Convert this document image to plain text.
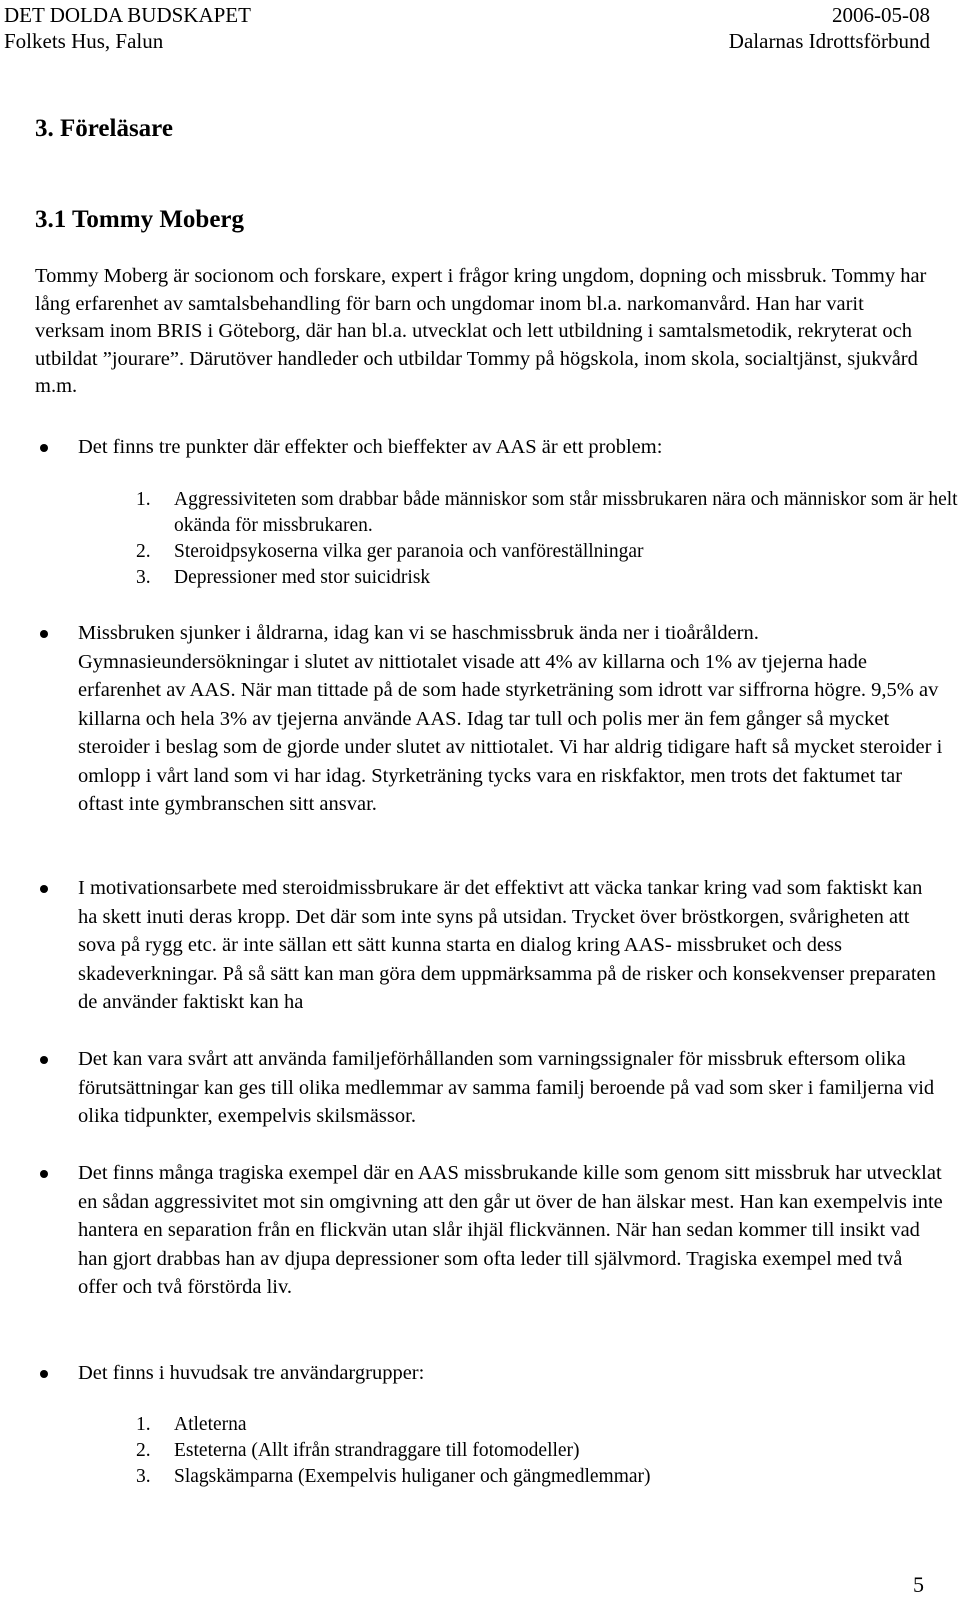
DET DOLDA BUDSKAPET	2006-05-08
Folkets Hus, Falun	Dalarnas Idrottsförbund
3. Föreläsare
3.1 Tommy Moberg

Tommy Moberg är socionom och forskare, expert i frågor kring ungdom, dopning och missbruk. Tommy har lång erfarenhet av samtalsbehandling för barn och ungdomar inom bl.a. narkomanvård. Han har varit verksam inom BRIS i Göteborg, där han bl.a. utvecklat och lett utbildning i samtalsmetodik, rekryterat och utbildat ”jourare”. Därutöver handleder och utbildar Tommy på högskola, inom skola, socialtjänst, sjukvård m.m.

Det finns tre punkter där effekter och bieffekter av AAS är ett problem:

1. Aggressiviteten som drabbar både människor som står missbrukaren nära och människor som är helt okända för missbrukaren.
2. Steroidpsykoserna vilka ger paranoia och vanföreställningar
3. Depressioner med stor suicidrisk

Missbruken sjunker i åldrarna, idag kan vi se haschmissbruk ända ner i tioåråldern. Gymnasieundersökningar i slutet av nittiotalet visade att 4% av killarna och 1% av tjejerna hade erfarenhet av AAS. När man tittade på de som hade styrketräning som idrott var siffrorna högre. 9,5% av killarna och hela 3% av tjejerna använde AAS. Idag tar tull och polis mer än fem gånger så mycket steroider i beslag som de gjorde under slutet av nittiotalet. Vi har aldrig tidigare haft så mycket steroider i omlopp i vårt land som vi har idag. Styrketräning tycks vara en riskfaktor, men trots det faktumet tar oftast inte gymbranschen sitt ansvar.

I motivationsarbete med steroidmissbrukare är det effektivt att väcka tankar kring vad som faktiskt kan ha skett inuti deras kropp. Det där som inte syns på utsidan. Trycket över bröstkorgen, svårigheten att sova på rygg etc. är inte sällan ett sätt kunna starta en dialog kring AAS- missbruket och dess skadeverkningar. På så sätt kan man göra dem uppmärksamma på de risker och konsekvenser preparaten de använder faktiskt kan ha

Det kan vara svårt att använda familjeförhållanden som varningssignaler för missbruk eftersom olika förutsättningar kan ges till olika medlemmar av samma familj beroende på vad som sker i familjerna vid olika tidpunkter, exempelvis skilsmässor.

Det finns många tragiska exempel där en AAS missbrukande kille som genom sitt missbruk har utvecklat en sådan aggressivitet mot sin omgivning att den går ut över de han älskar mest. Han kan exempelvis inte hantera en separation från en flickvän utan slår ihjäl flickvännen. När han sedan kommer till insikt vad han gjort drabbas han av djupa depressioner som ofta leder till självmord. Tragiska exempel med två offer och två förstörda liv.

Det finns i huvudsak tre användargrupper:

1. Atleterna
2. Esteterna (Allt ifrån strandraggare till fotomodeller)
3. Slagskämparna (Exempelvis huliganer och gängmedlemmar)
5
